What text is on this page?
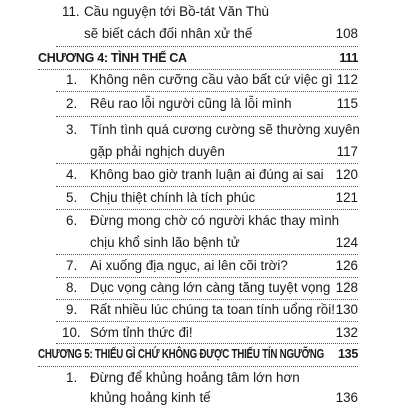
11. Cầu nguyện tới Bồ-tát Văn Thù
sẽ biết cách đối nhân xử thế	108
CHƯƠNG 4: TÌNH THẾ CA	111
1. Không nên cưỡng cầu vào bất cứ việc gì 112
2. Rêu rao lỗi người cũng là lỗi mình	115
3. Tính tình quá cương cường sẽ thường xuyên
gặp phải nghịch duyên	117
4. Không bao giờ tranh luận ai đúng ai sai 120
5. Chịu thiệt chính là tích phúc	121
6. Đừng mong chờ có người khác thay mình
chịu khổ sinh lão bệnh tử	124
7. Ai xuống địa ngục, ai lên cõi trời?	126
8. Dục vọng càng lớn càng tăng tuyệt vọng 128
9. Rất nhiều lúc chúng ta toan tính uổng rồi! 130
10. Sớm tỉnh thức đi!	132
CHƯƠNG 5: THIẾU GÌ CHỨ KHÔNG ĐƯỢC THIẾU TÍN NGƯỠNG 135
1. Đừng để khủng hoảng tâm lớn hơn
khủng hoảng kinh tế	136
